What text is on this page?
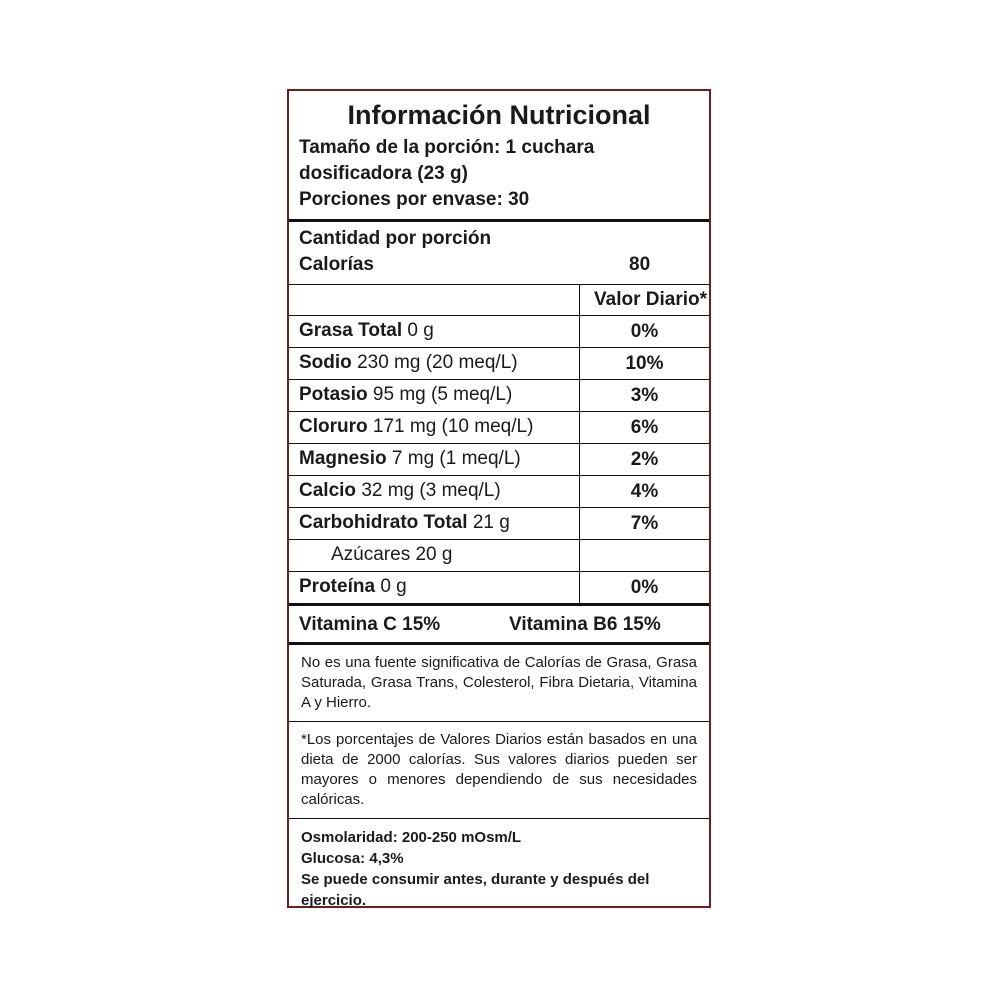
Información Nutricional
Tamaño de la porción: 1 cuchara
dosificadora (23 g)
Porciones por envase: 30
Cantidad por porción
Calorías	80
Valor Diario*
Grasa Total 0 g	0%
Sodio 230 mg (20 meq/L)	10%
Potasio 95 mg (5 meq/L)	3%
Cloruro 171 mg (10 meq/L)	6%
Magnesio 7 mg (1 meq/L)	2%
Calcio 32 mg (3 meq/L)	4%
Carbohidrato Total 21 g	7%
Azúcares 20 g
Proteína 0 g	0%
Vitamina C 15%	Vitamina B6 15%
No es una fuente significativa de Calorías de Grasa, Grasa Saturada, Grasa Trans, Colesterol, Fibra Dietaria, Vitamina A y Hierro.
*Los porcentajes de Valores Diarios están basados en una dieta de 2000 calorías. Sus valores diarios pueden ser mayores o menores dependiendo de sus necesidades calóricas.
Osmolaridad: 200-250 mOsm/L
Glucosa: 4,3%
Se puede consumir antes, durante y después del ejercicio.
